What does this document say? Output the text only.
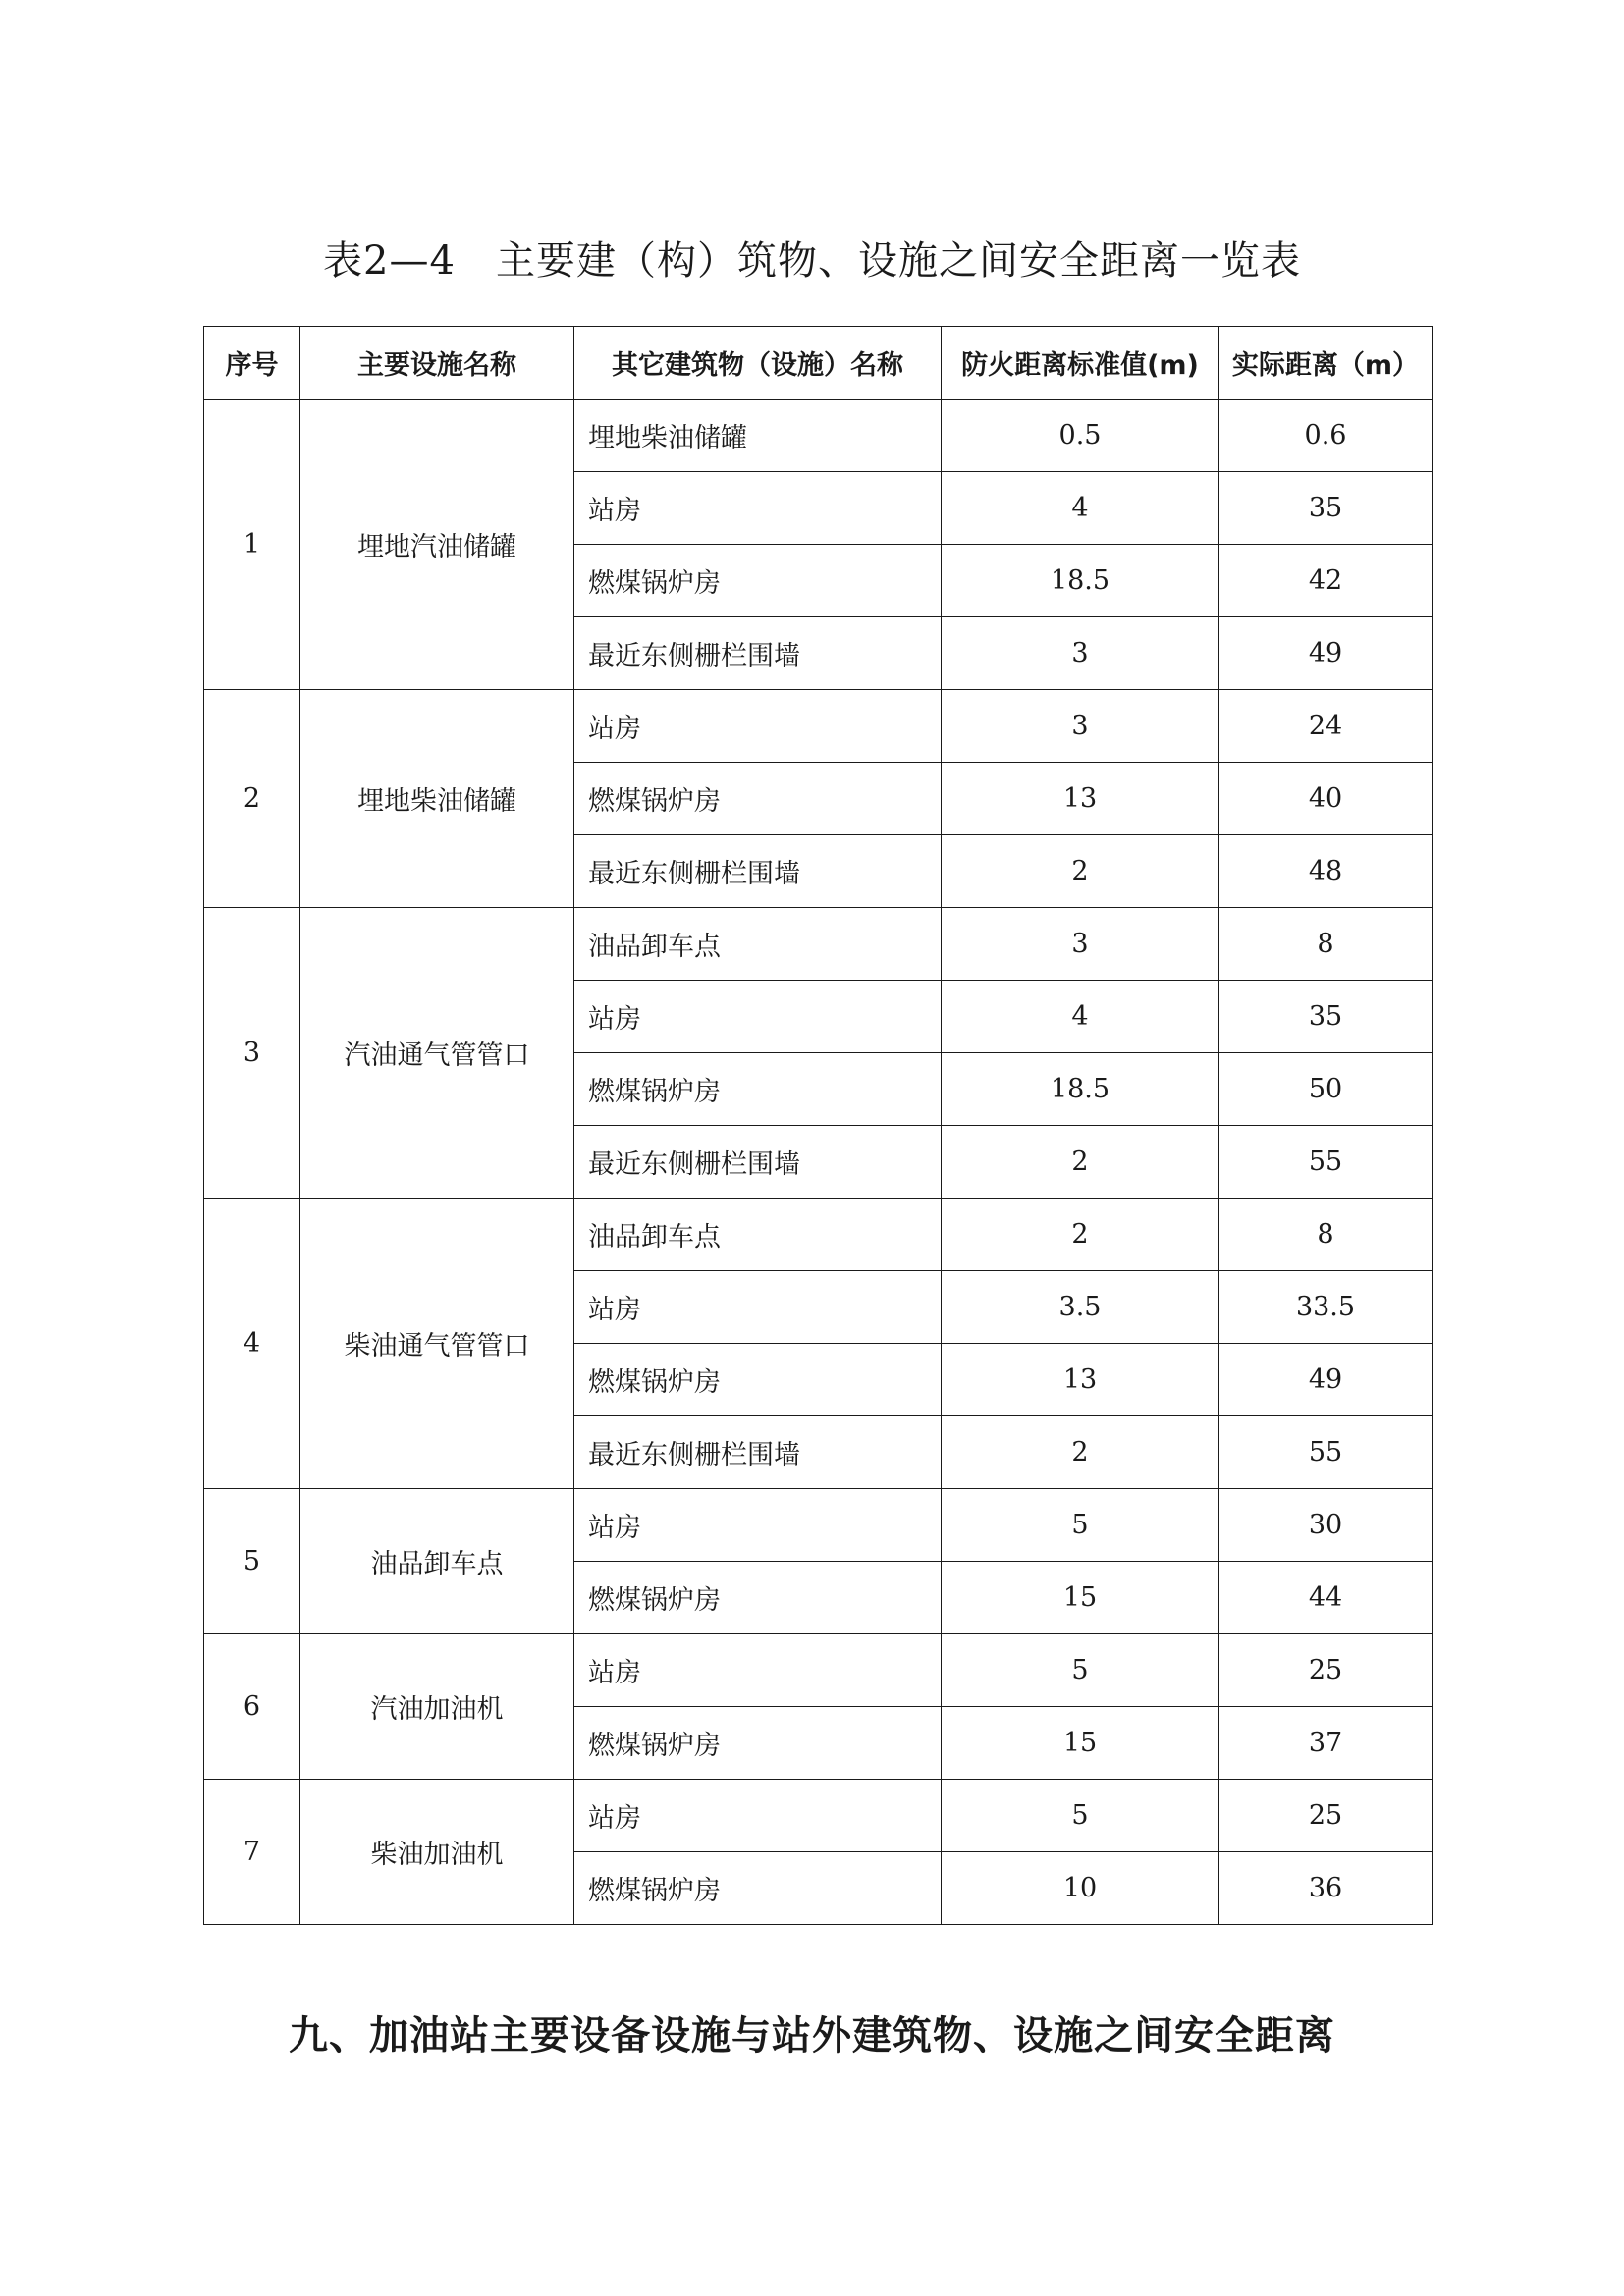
表2—4　主要建（构）筑物、设施之间安全距离一览表
序号	主要设施名称	其它建筑物（设施）名称	防火距离标准值(m)	实际距离（m）
1	埋地汽油储罐	埋地柴油储罐	0.5	0.6
		站房	4	35
		燃煤锅炉房	18.5	42
		最近东侧栅栏围墙	3	49
2	埋地柴油储罐	站房	3	24
		燃煤锅炉房	13	40
		最近东侧栅栏围墙	2	48
3	汽油通气管管口	油品卸车点	3	8
		站房	4	35
		燃煤锅炉房	18.5	50
		最近东侧栅栏围墙	2	55
4	柴油通气管管口	油品卸车点	2	8
		站房	3.5	33.5
		燃煤锅炉房	13	49
		最近东侧栅栏围墙	2	55
5	油品卸车点	站房	5	30
		燃煤锅炉房	15	44
6	汽油加油机	站房	5	25
		燃煤锅炉房	15	37
7	柴油加油机	站房	5	25
		燃煤锅炉房	10	36
九、加油站主要设备设施与站外建筑物、设施之间安全距离
